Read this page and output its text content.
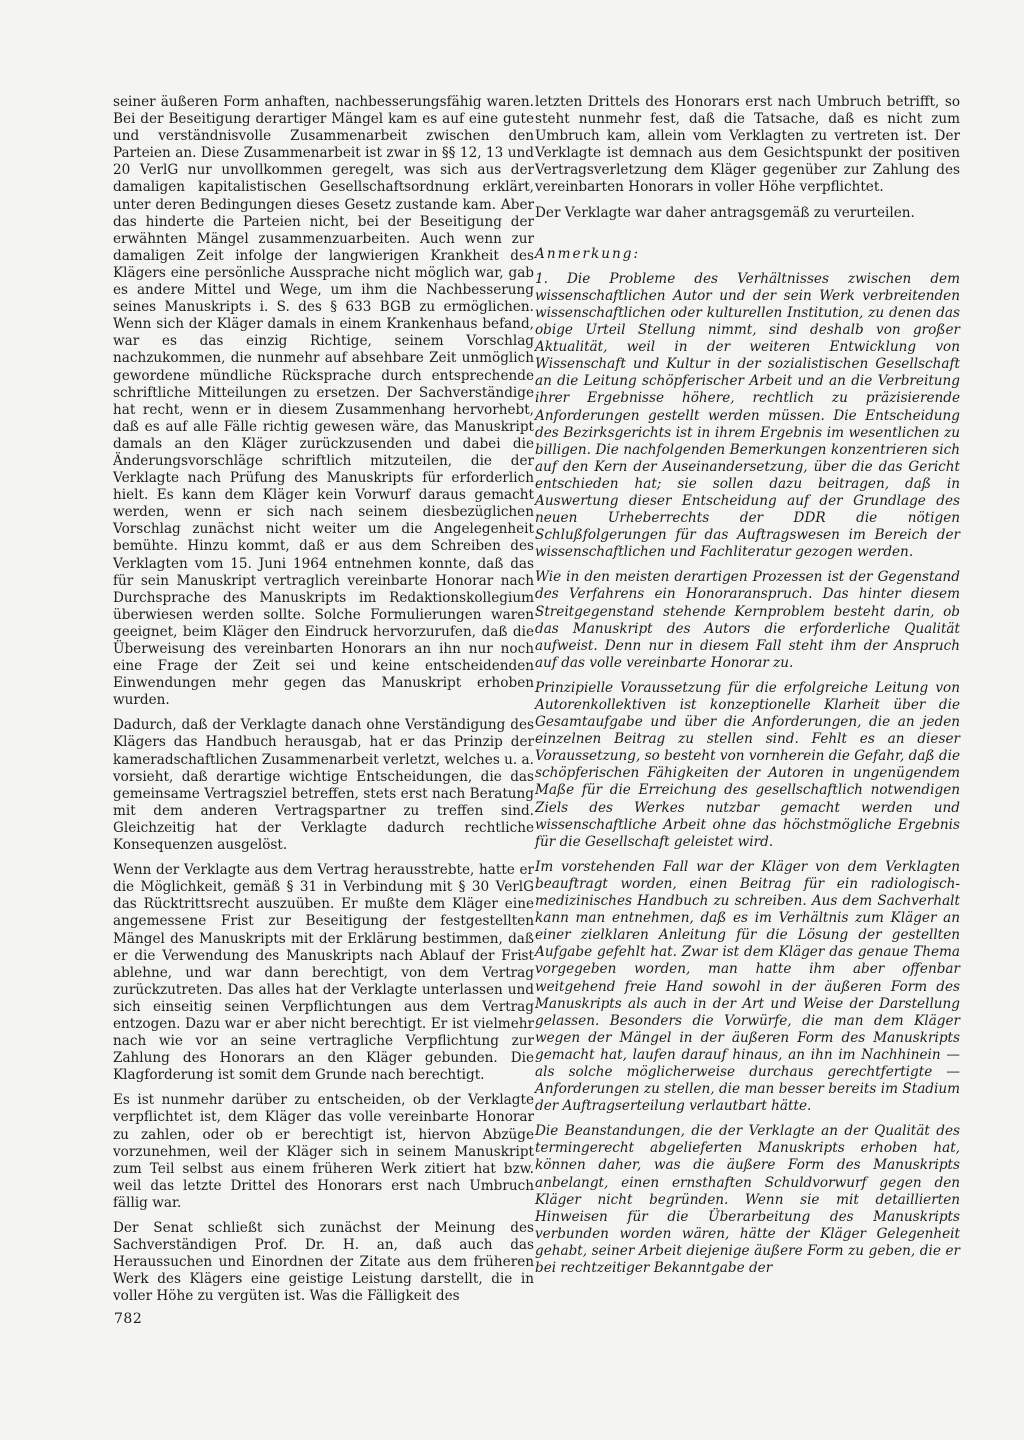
seiner äußeren Form anhaften, nachbesserungsfähig waren. Bei der Beseitigung derartiger Mängel kam es auf eine gute und verständnisvolle Zusammenarbeit zwischen den Parteien an. Diese Zusammenarbeit ist zwar in §§ 12, 13 und 20 VerlG nur unvollkommen geregelt, was sich aus der damaligen kapitalistischen Gesellschaftsordnung erklärt, unter deren Bedingungen dieses Gesetz zustande kam. Aber das hinderte die Parteien nicht, bei der Beseitigung der erwähnten Mängel zusammenzuarbeiten. Auch wenn zur damaligen Zeit infolge der langwierigen Krankheit des Klägers eine persönliche Aussprache nicht möglich war, gab es andere Mittel und Wege, um ihm die Nachbesserung seines Manuskripts i. S. des § 633 BGB zu ermöglichen. Wenn sich der Kläger damals in einem Krankenhaus befand, war es das einzig Richtige, seinem Vorschlag nachzukommen, die nunmehr auf absehbare Zeit unmöglich gewordene mündliche Rücksprache durch entsprechende schriftliche Mitteilungen zu ersetzen. Der Sachverständige hat recht, wenn er in diesem Zusammenhang hervorhebt, daß es auf alle Fälle richtig gewesen wäre, das Manuskript damals an den Kläger zurückzusenden und dabei die Änderungsvorschläge schriftlich mitzuteilen, die der Verklagte nach Prüfung des Manuskripts für erforderlich hielt. Es kann dem Kläger kein Vorwurf daraus gemacht werden, wenn er sich nach seinem diesbezüglichen Vorschlag zunächst nicht weiter um die Angelegenheit bemühte. Hinzu kommt, daß er aus dem Schreiben des Verklagten vom 15. Juni 1964 entnehmen konnte, daß das für sein Manuskript vertraglich vereinbarte Honorar nach Durchsprache des Manuskripts im Redaktionskollegium überwiesen werden sollte. Solche Formulierungen waren geeignet, beim Kläger den Eindruck hervorzurufen, daß die Überweisung des vereinbarten Honorars an ihn nur noch eine Frage der Zeit sei und keine entscheidenden Einwendungen mehr gegen das Manuskript erhoben wurden.

Dadurch, daß der Verklagte danach ohne Verständigung des Klägers das Handbuch herausgab, hat er das Prinzip der kameradschaftlichen Zusammenarbeit verletzt, welches u. a. vorsieht, daß derartige wichtige Entscheidungen, die das gemeinsame Vertragsziel betreffen, stets erst nach Beratung mit dem anderen Vertragspartner zu treffen sind. Gleichzeitig hat der Verklagte dadurch rechtliche Konsequenzen ausgelöst.

Wenn der Verklagte aus dem Vertrag herausstrebte, hatte er die Möglichkeit, gemäß § 31 in Verbindung mit § 30 VerlG das Rücktrittsrecht auszuüben. Er mußte dem Kläger eine angemessene Frist zur Beseitigung der festgestellten Mängel des Manuskripts mit der Erklärung bestimmen, daß er die Verwendung des Manuskripts nach Ablauf der Frist ablehne, und war dann berechtigt, von dem Vertrag zurückzutreten. Das alles hat der Verklagte unterlassen und sich einseitig seinen Verpflichtungen aus dem Vertrag entzogen. Dazu war er aber nicht berechtigt. Er ist vielmehr nach wie vor an seine vertragliche Verpflichtung zur Zahlung des Honorars an den Kläger gebunden. Die Klagforderung ist somit dem Grunde nach berechtigt.

Es ist nunmehr darüber zu entscheiden, ob der Verklagte verpflichtet ist, dem Kläger das volle vereinbarte Honorar zu zahlen, oder ob er berechtigt ist, hiervon Abzüge vorzunehmen, weil der Kläger sich in seinem Manuskript zum Teil selbst aus einem früheren Werk zitiert hat bzw. weil das letzte Drittel des Honorars erst nach Umbruch fällig war.

Der Senat schließt sich zunächst der Meinung des Sachverständigen Prof. Dr. H. an, daß auch das Heraussuchen und Einordnen der Zitate aus dem früheren Werk des Klägers eine geistige Leistung darstellt, die in voller Höhe zu vergüten ist. Was die Fälligkeit des

letzten Drittels des Honorars erst nach Umbruch betrifft, so steht nunmehr fest, daß die Tatsache, daß es nicht zum Umbruch kam, allein vom Verklagten zu vertreten ist. Der Verklagte ist demnach aus dem Gesichtspunkt der positiven Vertragsverletzung dem Kläger gegenüber zur Zahlung des vereinbarten Honorars in voller Höhe verpflichtet.

Der Verklagte war daher antragsgemäß zu verurteilen.

Anmerkung:

1. Die Probleme des Verhältnisses zwischen dem wissenschaftlichen Autor und der sein Werk verbreitenden wissenschaftlichen oder kulturellen Institution, zu denen das obige Urteil Stellung nimmt, sind deshalb von großer Aktualität, weil in der weiteren Entwicklung von Wissenschaft und Kultur in der sozialistischen Gesellschaft an die Leitung schöpferischer Arbeit und an die Verbreitung ihrer Ergebnisse höhere, rechtlich zu präzisierende Anforderungen gestellt werden müssen. Die Entscheidung des Bezirksgerichts ist in ihrem Ergebnis im wesentlichen zu billigen. Die nachfolgenden Bemerkungen konzentrieren sich auf den Kern der Auseinandersetzung, über die das Gericht entschieden hat; sie sollen dazu beitragen, daß in Auswertung dieser Entscheidung auf der Grundlage des neuen Urheberrechts der DDR die nötigen Schlußfolgerungen für das Auftragswesen im Bereich der wissenschaftlichen und Fachliteratur gezogen werden.

Wie in den meisten derartigen Prozessen ist der Gegenstand des Verfahrens ein Honoraranspruch. Das hinter diesem Streitgegenstand stehende Kernproblem besteht darin, ob das Manuskript des Autors die erforderliche Qualität aufweist. Denn nur in diesem Fall steht ihm der Anspruch auf das volle vereinbarte Honorar zu.

Prinzipielle Voraussetzung für die erfolgreiche Leitung von Autorenkollektiven ist konzeptionelle Klarheit über die Gesamtaufgabe und über die Anforderungen, die an jeden einzelnen Beitrag zu stellen sind. Fehlt es an dieser Voraussetzung, so besteht von vornherein die Gefahr, daß die schöpferischen Fähigkeiten der Autoren in ungenügendem Maße für die Erreichung des gesellschaftlich notwendigen Ziels des Werkes nutzbar gemacht werden und wissenschaftliche Arbeit ohne das höchstmögliche Ergebnis für die Gesellschaft geleistet wird.

Im vorstehenden Fall war der Kläger von dem Verklagten beauftragt worden, einen Beitrag für ein radiologisch-medizinisches Handbuch zu schreiben. Aus dem Sachverhalt kann man entnehmen, daß es im Verhältnis zum Kläger an einer zielklaren Anleitung für die Lösung der gestellten Aufgabe gefehlt hat. Zwar ist dem Kläger das genaue Thema vorgegeben worden, man hatte ihm aber offenbar weitgehend freie Hand sowohl in der äußeren Form des Manuskripts als auch in der Art und Weise der Darstellung gelassen. Besonders die Vorwürfe, die man dem Kläger wegen der Mängel in der äußeren Form des Manuskripts gemacht hat, laufen darauf hinaus, an ihn im Nachhinein — als solche möglicherweise durchaus gerechtfertigte — Anforderungen zu stellen, die man besser bereits im Stadium der Auftragserteilung verlautbart hätte.

Die Beanstandungen, die der Verklagte an der Qualität des termingerecht abgelieferten Manuskripts erhoben hat, können daher, was die äußere Form des Manuskripts anbelangt, einen ernsthaften Schuldvorwurf gegen den Kläger nicht begründen. Wenn sie mit detaillierten Hinweisen für die Überarbeitung des Manuskripts verbunden worden wären, hätte der Kläger Gelegenheit gehabt, seiner Arbeit diejenige äußere Form zu geben, die er bei rechtzeitiger Bekanntgabe der

782
